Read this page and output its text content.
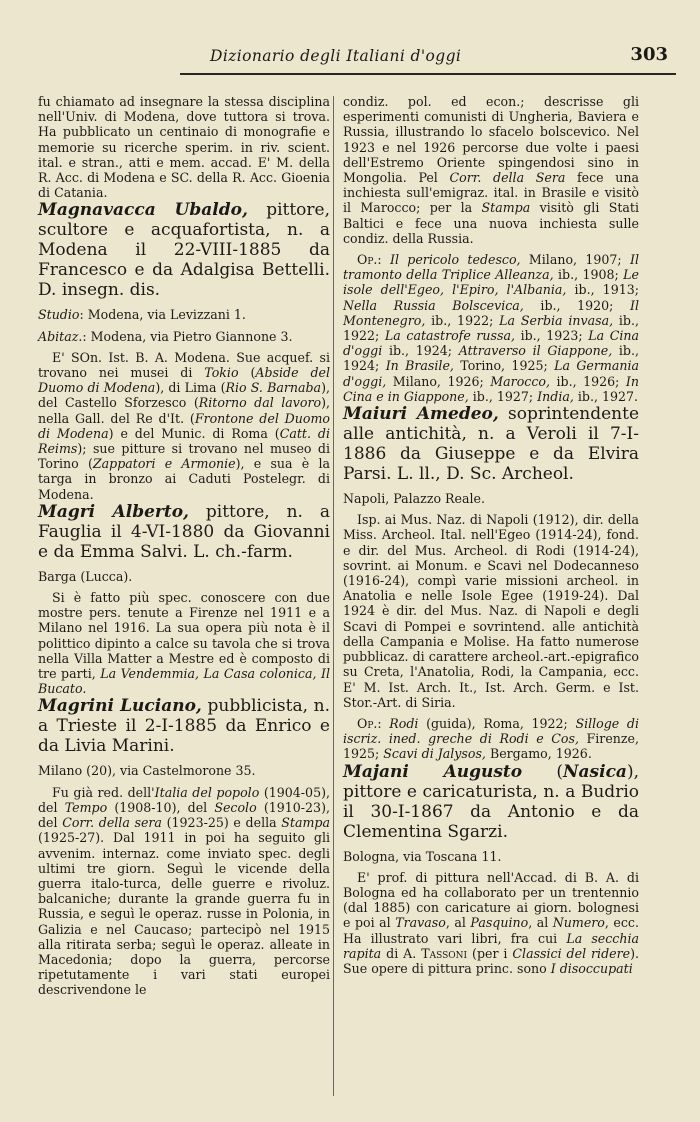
Dizionario degli Italiani d'oggi	303

fu chiamato ad insegnare la stessa disciplina nell'Univ. di Modena, dove tuttora si trova. Ha pubblicato un centinaio di monografie e memorie su ricerche sperim. in riv. scient. ital. e stran., atti e mem. accad. E' M. della R. Acc. di Modena e SC. della R. Acc. Gioenia di Catania.

Magnavacca Ubaldo, pittore, scultore e acquafortista, n. a Modena il 22-VIII-1885 da Francesco e da Adalgisa Bettelli. D. insegn. dis.

Studio: Modena, via Levizzani 1.

Abitaz.: Modena, via Pietro Giannone 3.

E' SOn. Ist. B. A. Modena. Sue acquef. si trovano nei musei di Tokio (Abside del Duomo di Modena), di Lima (Rio S. Barnaba), del Castello Sforzesco (Ritorno dal lavoro), nella Gall. del Re d'It. (Frontone del Duomo di Modena) e del Munic. di Roma (Catt. di Reims); sue pitture si trovano nel museo di Torino (Zappatori e Armonie), e sua è la targa in bronzo ai Caduti Postelegr. di Modena.

Magri Alberto, pittore, n. a Fauglia il 4-VI-1880 da Giovanni e da Emma Salvi. L. ch.-farm.

Barga (Lucca).

Si è fatto più spec. conoscere con due mostre pers. tenute a Firenze nel 1911 e a Milano nel 1916. La sua opera più nota è il polittico dipinto a calce su tavola che si trova nella Villa Matter a Mestre ed è composto di tre parti, La Vendemmia, La Casa colonica, Il Bucato.

Magrini Luciano, pubblicista, n. a Trieste il 2-I-1885 da Enrico e da Livia Marini.

Milano (20), via Castelmorone 35.

Fu già red. dell'Italia del popolo (1904-05), del Tempo (1908-10), del Secolo (1910-23), del Corr. della sera (1923-25) e della Stampa (1925-27). Dal 1911 in poi ha seguito gli avvenim. internaz. come inviato spec. degli ultimi tre giorn. Seguì le vicende della guerra italo-turca, delle guerre e rivoluz. balcaniche; durante la grande guerra fu in Russia, e seguì le operaz. russe in Polonia, in Galizia e nel Caucaso; partecipò nel 1915 alla ritirata serba; seguì le operaz. alleate in Macedonia; dopo la guerra, percorse ripetutamente i vari stati europei descrivendone le

condiz. pol. ed econ.; descrisse gli esperimenti comunisti di Ungheria, Baviera e Russia, illustrando lo sfacelo bolscevico. Nel 1923 e nel 1926 percorse due volte i paesi dell'Estremo Oriente spingendosi sino in Mongolia. Pel Corr. della Sera fece una inchiesta sull'emigraz. ital. in Brasile e visitò il Marocco; per la Stampa visitò gli Stati Baltici e fece una nuova inchiesta sulle condiz. della Russia.

Op.: Il pericolo tedesco, Milano, 1907; Il tramonto della Triplice Alleanza, ib., 1908; Le isole dell'Egeo, l'Epiro, l'Albania, ib., 1913; Nella Russia Bolscevica, ib., 1920; Il Montenegro, ib., 1922; La Serbia invasa, ib., 1922; La catastrofe russa, ib., 1923; La Cina d'oggi ib., 1924; Attraverso il Giappone, ib., 1924; In Brasile, Torino, 1925; La Germania d'oggi, Milano, 1926; Marocco, ib., 1926; In Cina e in Giappone, ib., 1927; India, ib., 1927.

Maiuri Amedeo, soprintendente alle antichità, n. a Veroli il 7-I-1886 da Giuseppe e da Elvira Parsi. L. ll., D. Sc. Archeol.

Napoli, Palazzo Reale.

Isp. ai Mus. Naz. di Napoli (1912), dir. della Miss. Archeol. Ital. nell'Egeo (1914-24), fond. e dir. del Mus. Archeol. di Rodi (1914-24), sovrint. ai Monum. e Scavi nel Dodecanneso (1916-24), compì varie missioni archeol. in Anatolia e nelle Isole Egee (1919-24). Dal 1924 è dir. del Mus. Naz. di Napoli e degli Scavi di Pompei e sovrintend. alle antichità della Campania e Molise. Ha fatto numerose pubblicaz. di carattere archeol.-art.-epigrafico su Creta, l'Anatolia, Rodi, la Campania, ecc. E' M. Ist. Arch. It., Ist. Arch. Germ. e Ist. Stor.-Art. di Siria.

Op.: Rodi (guida), Roma, 1922; Silloge di iscriz. ined. greche di Rodi e Cos, Firenze, 1925; Scavi di Jalysos, Bergamo, 1926.

Majani Augusto (Nasica), pittore e caricaturista, n. a Budrio il 30-I-1867 da Antonio e da Clementina Sgarzi.

Bologna, via Toscana 11.

E' prof. di pittura nell'Accad. di B. A. di Bologna ed ha collaborato per un trentennio (dal 1885) con caricature ai giorn. bolognesi e poi al Travaso, al Pasquino, al Numero, ecc. Ha illustrato vari libri, fra cui La secchia rapita di A. Tassoni (per i Classici del ridere). Sue opere di pittura princ. sono I disoccupati
